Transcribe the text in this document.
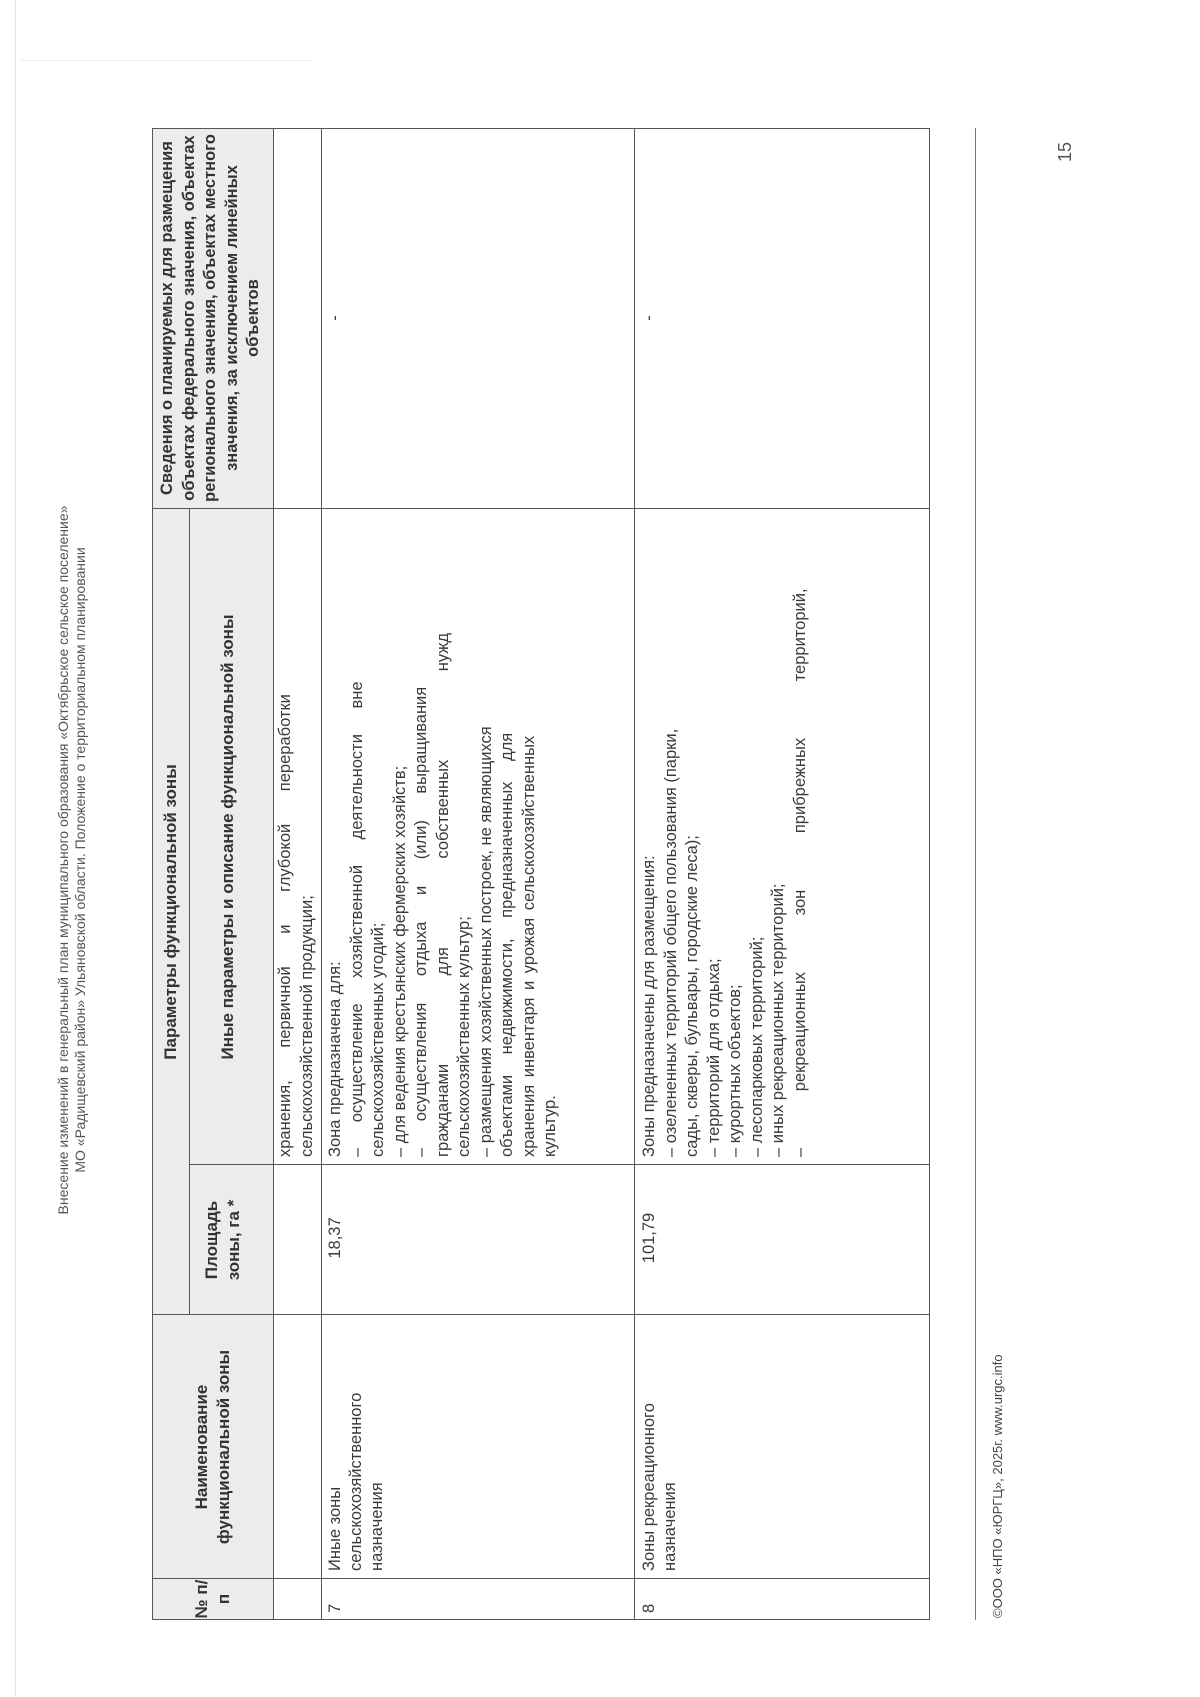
Внесение изменений в генеральный план муниципального образования «Октябрьское сельское поселение» МО «Радищевский район» Ульяновской области. Положение о территориальном планировании
№ п/п
Наименование функциональной зоны
Параметры функциональной зоны
Площадь зоны, га *
Иные параметры и описание функциональной зоны
Сведения о планируемых для размещения объектах федерального значения, объектах регионального значения, объектах местного значения, за исключением линейных объектов
хранения, первичной и глубокой переработки сельскохозяйственной продукции;
7
Иные зоны сельскохозяйственного назначения
18,37
Зона предназначена для: – осуществление хозяйственной деятельности вне сельскохозяйственных угодий; – для ведения крестьянских фермерских хозяйств; – осуществления отдыха и (или) выращивания гражданами для собственных нужд сельскохозяйственных культур; – размещения хозяйственных построек, не являющихся объектами недвижимости, предназначенных для хранения инвентаря и урожая сельскохозяйственных культур.
-
8
Зоны рекреационного назначения
101,79
Зоны предназначены для размещения: – озелененных территорий общего пользования (парки, сады, скверы, бульвары, городские леса); – территорий для отдыха; – курортных объектов; – лесопарковых территорий; – иных рекреационных территорий; – рекреационных зон прибрежных территорий,
-
©ООО «НПО «ЮРГЦ», 2025г. www.urgc.info
15
